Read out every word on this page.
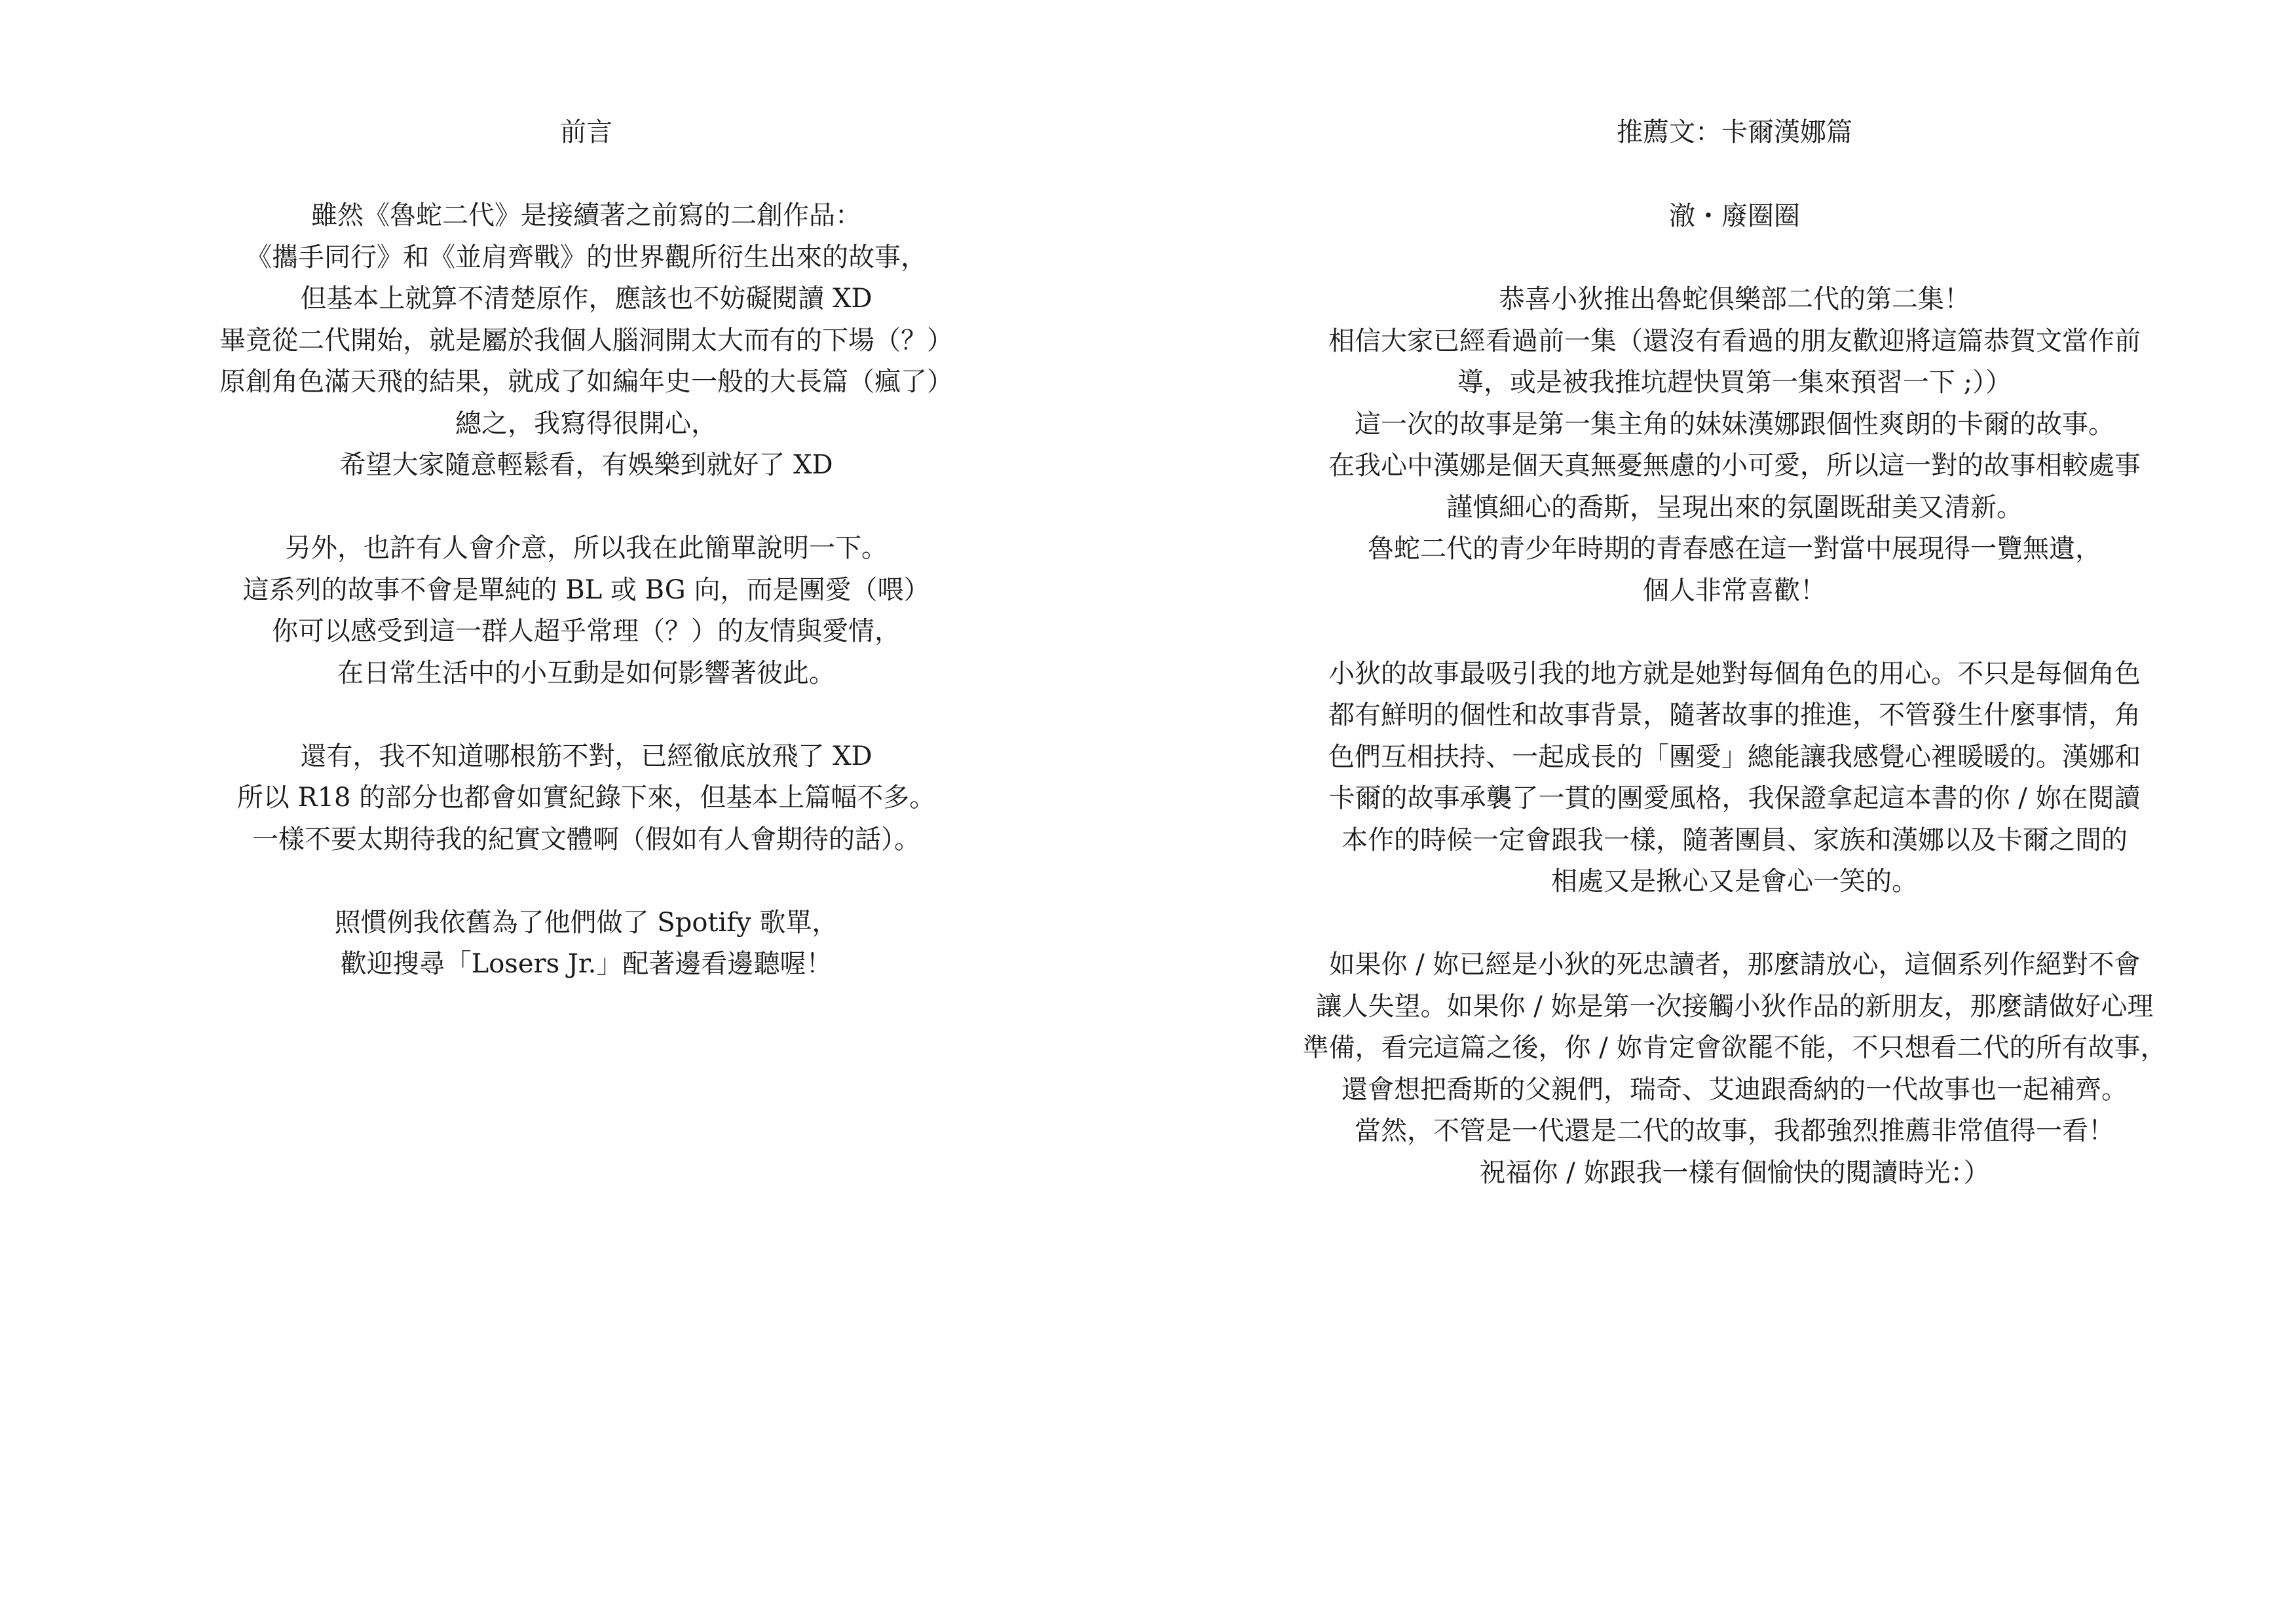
前言

雖然《魯蛇二代》是接續著之前寫的二創作品：

《攜手同行》和《並肩齊戰》的世界觀所衍生出來的故事，

但基本上就算不清楚原作，應該也不妨礙閱讀 XD

畢竟從二代開始，就是屬於我個人腦洞開太大而有的下場（？）

原創角色滿天飛的結果，就成了如編年史一般的大長篇（瘋了）

總之，我寫得很開心，

希望大家隨意輕鬆看，有娛樂到就好了 XD

另外，也許有人會介意，所以我在此簡單說明一下。

這系列的故事不會是單純的 BL 或 BG 向，而是團愛（喂）

你可以感受到這一群人超乎常理（？）的友情與愛情，

在日常生活中的小互動是如何影響著彼此。

還有，我不知道哪根筋不對，已經徹底放飛了 XD

所以 R18 的部分也都會如實紀錄下來，但基本上篇幅不多。

一樣不要太期待我的紀實文體啊（假如有人會期待的話）。

照慣例我依舊為了他們做了 Spotify 歌單，

歡迎搜尋「Losers Jr.」配著邊看邊聽喔！

推薦文：卡爾漢娜篇

澈・廢圈圈

恭喜小狄推出魯蛇俱樂部二代的第二集！

相信大家已經看過前一集（還沒有看過的朋友歡迎將這篇恭賀文當作前

導，或是被我推坑趕快買第一集來預習一下 ;））

這一次的故事是第一集主角的妹妹漢娜跟個性爽朗的卡爾的故事。

在我心中漢娜是個天真無憂無慮的小可愛，所以這一對的故事相較處事

謹慎細心的喬斯，呈現出來的氛圍既甜美又清新。

魯蛇二代的青少年時期的青春感在這一對當中展現得一覽無遺，

個人非常喜歡！

小狄的故事最吸引我的地方就是她對每個角色的用心。不只是每個角色

都有鮮明的個性和故事背景，隨著故事的推進，不管發生什麼事情，角

色們互相扶持、一起成長的「團愛」總能讓我感覺心裡暖暖的。漢娜和

卡爾的故事承襲了一貫的團愛風格，我保證拿起這本書的你 / 妳在閱讀

本作的時候一定會跟我一樣，隨著團員、家族和漢娜以及卡爾之間的

相處又是揪心又是會心一笑的。

如果你 / 妳已經是小狄的死忠讀者，那麼請放心，這個系列作絕對不會

讓人失望。如果你 / 妳是第一次接觸小狄作品的新朋友，那麼請做好心理

準備，看完這篇之後，你 / 妳肯定會欲罷不能，不只想看二代的所有故事，

還會想把喬斯的父親們，瑞奇、艾迪跟喬納的一代故事也一起補齊。

當然，不管是一代還是二代的故事，我都強烈推薦非常值得一看！

祝福你 / 妳跟我一樣有個愉快的閱讀時光：）
